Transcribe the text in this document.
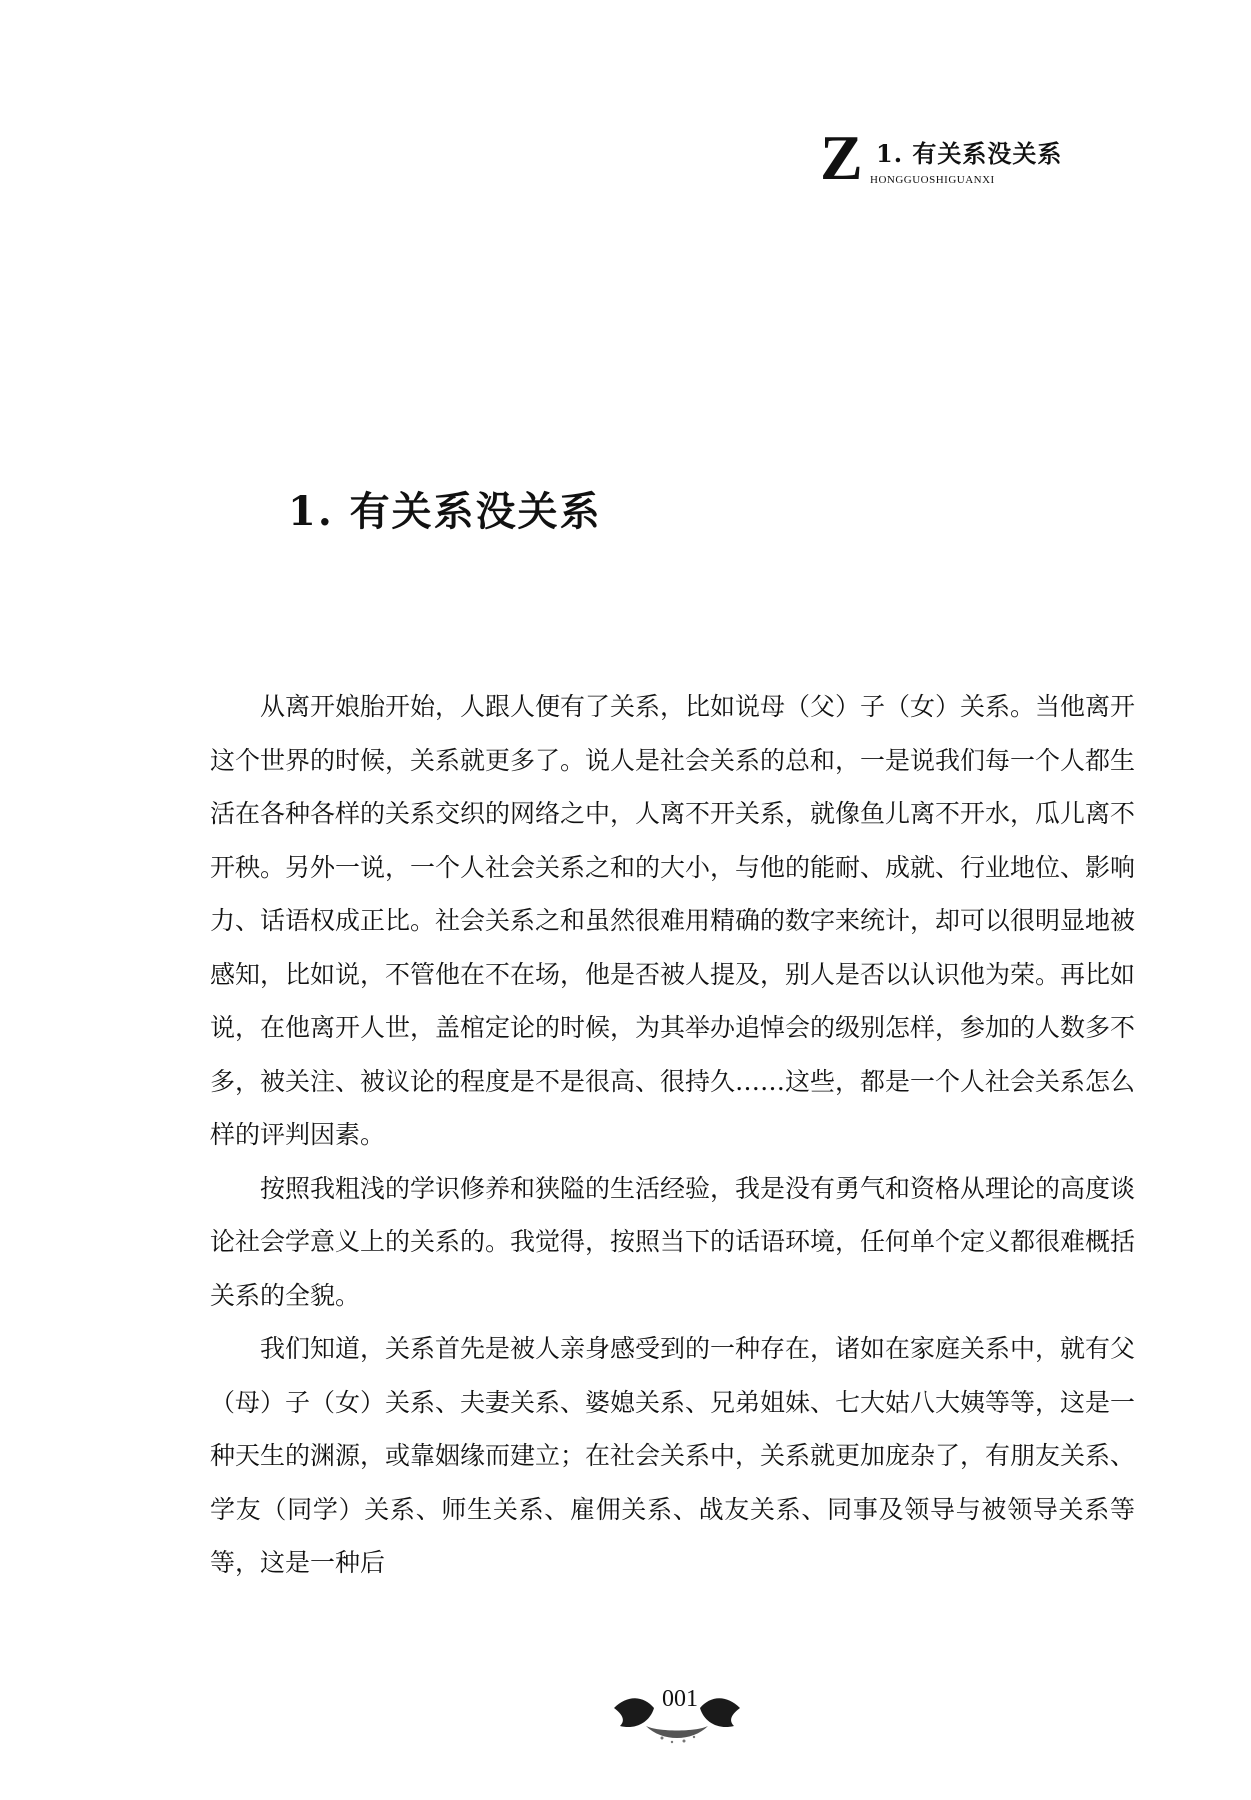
Z 1. 有关系没关系
HONGGUOSHIGUANXI
1. 有关系没关系

从离开娘胎开始，人跟人便有了关系，比如说母（父）子（女）关系。当他离开这个世界的时候，关系就更多了。说人是社会关系的总和，一是说我们每一个人都生活在各种各样的关系交织的网络之中，人离不开关系，就像鱼儿离不开水，瓜儿离不开秧。另外一说，一个人社会关系之和的大小，与他的能耐、成就、行业地位、影响力、话语权成正比。社会关系之和虽然很难用精确的数字来统计，却可以很明显地被感知，比如说，不管他在不在场，他是否被人提及，别人是否以认识他为荣。再比如说，在他离开人世，盖棺定论的时候，为其举办追悼会的级别怎样，参加的人数多不多，被关注、被议论的程度是不是很高、很持久……这些，都是一个人社会关系怎么样的评判因素。

按照我粗浅的学识修养和狭隘的生活经验，我是没有勇气和资格从理论的高度谈论社会学意义上的关系的。我觉得，按照当下的话语环境，任何单个定义都很难概括关系的全貌。

我们知道，关系首先是被人亲身感受到的一种存在，诸如在家庭关系中，就有父（母）子（女）关系、夫妻关系、婆媳关系、兄弟姐妹、七大姑八大姨等等，这是一种天生的渊源，或靠姻缘而建立；在社会关系中，关系就更加庞杂了，有朋友关系、学友（同学）关系、师生关系、雇佣关系、战友关系、同事及领导与被领导关系等等，这是一种后

001
